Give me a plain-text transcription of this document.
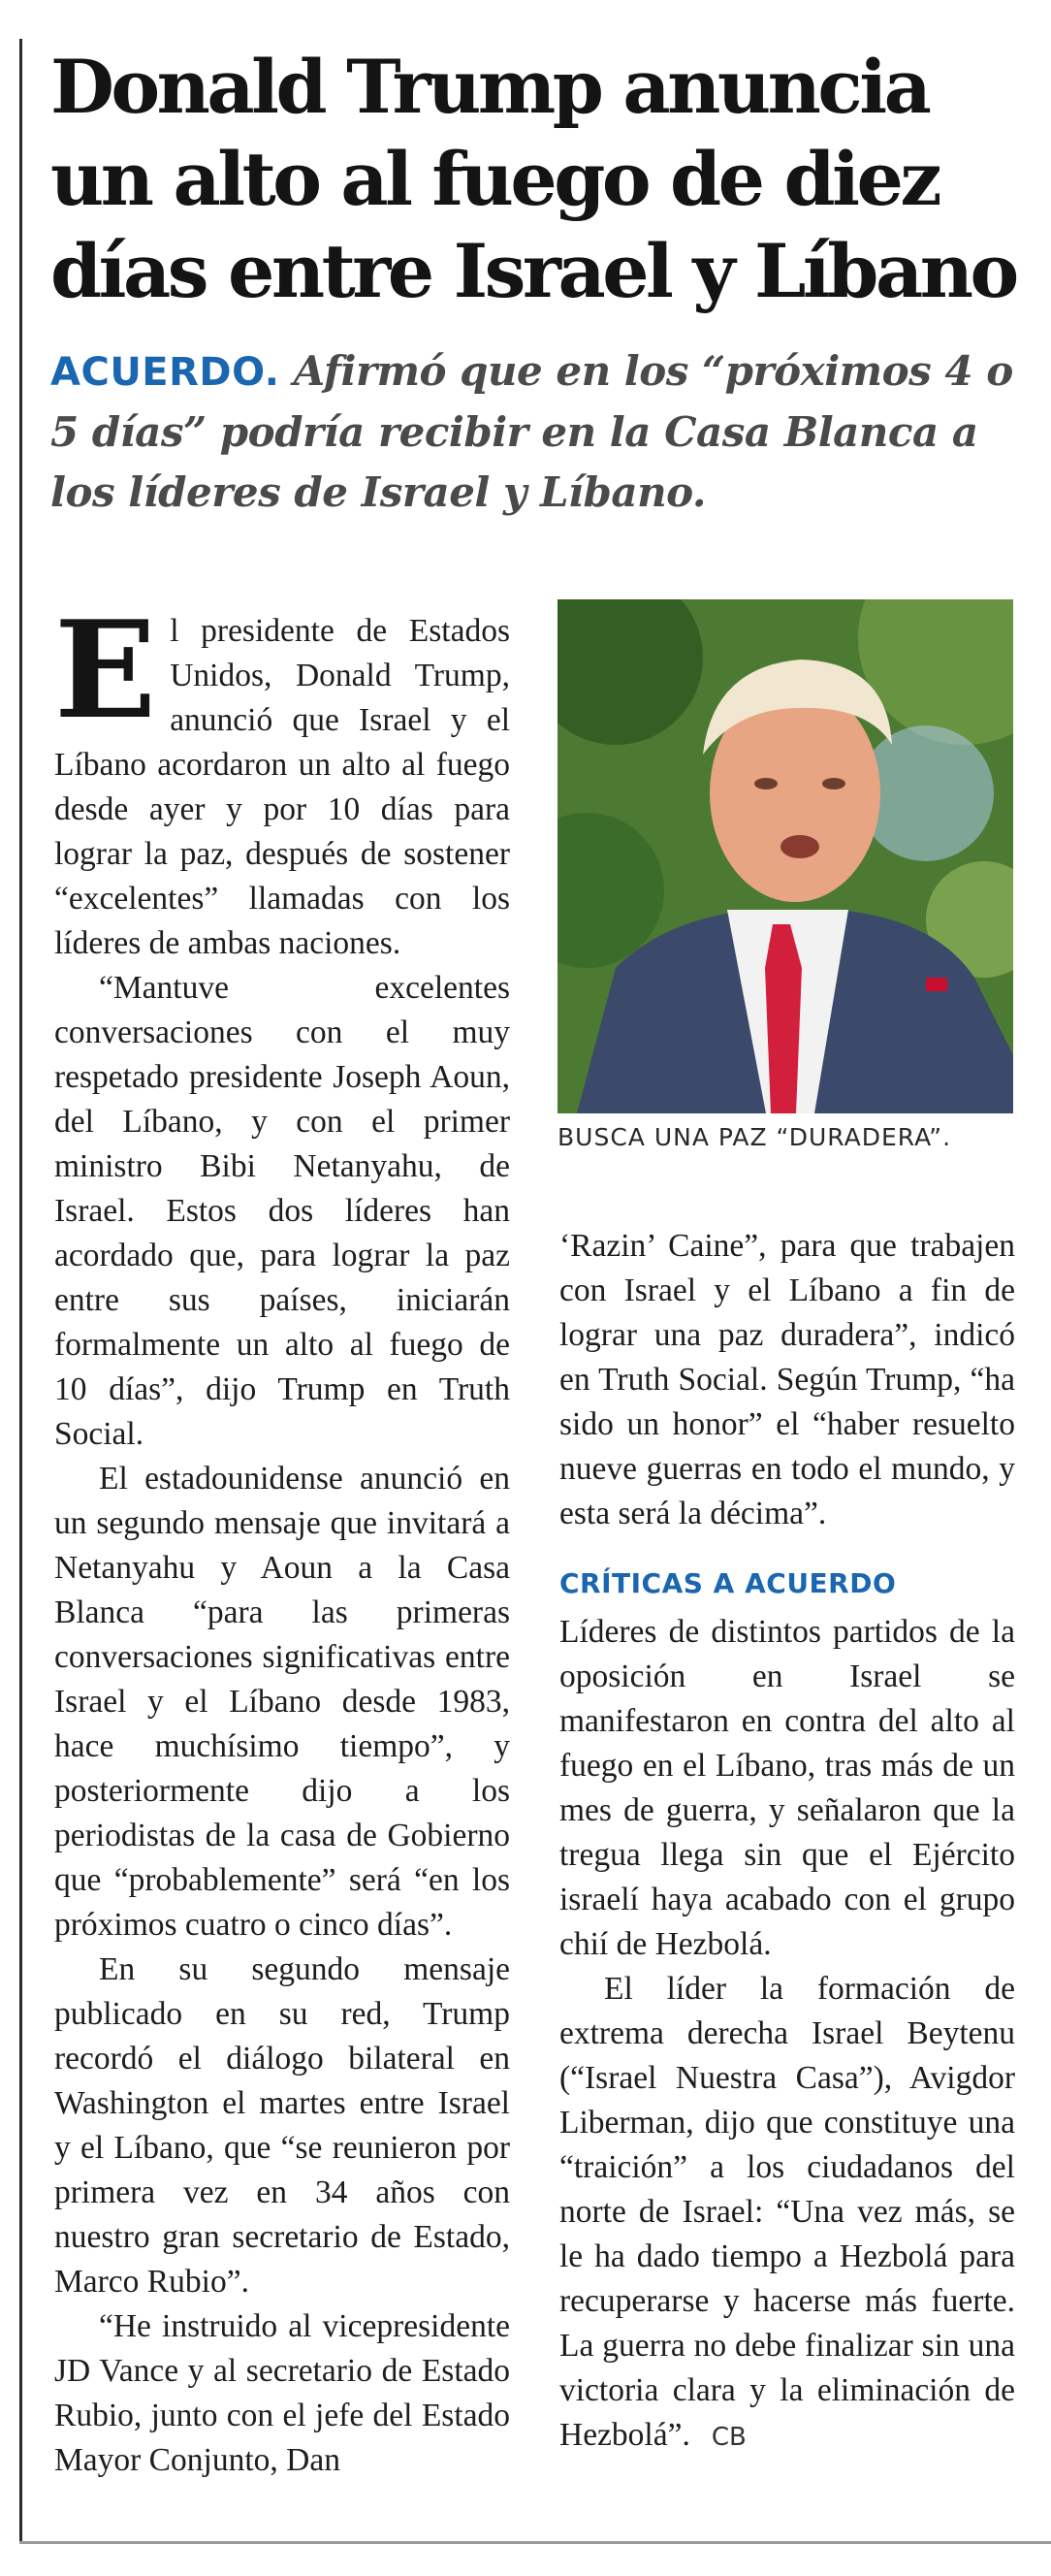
Donald Trump anuncia un alto al fuego de diez días entre Israel y Líbano
ACUERDO. Afirmó que en los “próximos 4 o 5 días” podría recibir en la Casa Blanca a los líderes de Israel y Líbano.

El presidente de Estados Unidos, Donald Trump, anunció que Israel y el Líbano acordaron un alto al fuego desde ayer y por 10 días para lograr la paz, después de sostener “excelentes” llamadas con los líderes de ambas naciones.

“Mantuve excelentes conversaciones con el muy respetado presidente Joseph Aoun, del Líbano, y con el primer ministro Bibi Netanyahu, de Israel. Estos dos líderes han acordado que, para lograr la paz entre sus países, iniciarán formalmente un alto al fuego de 10 días”, dijo Trump en Truth Social.

El estadounidense anunció en un segundo mensaje que invitará a Netanyahu y Aoun a la Casa Blanca “para las primeras conversaciones significativas entre Israel y el Líbano desde 1983, hace muchísimo tiempo”, y posteriormente dijo a los periodistas de la casa de Gobierno que “probablemente” será “en los próximos cuatro o cinco días”.

En su segundo mensaje publicado en su red, Trump recordó el diálogo bilateral en Washington el martes entre Israel y el Líbano, que “se reunieron por primera vez en 34 años con nuestro gran secretario de Estado, Marco Rubio”.

“He instruido al vicepresidente JD Vance y al secretario de Estado Rubio, junto con el jefe del Estado Mayor Conjunto, Dan

BUSCA UNA PAZ “DURADERA”.

‘Razin’ Caine”, para que trabajen con Israel y el Líbano a fin de lograr una paz duradera”, indicó en Truth Social. Según Trump, “ha sido un honor” el “haber resuelto nueve guerras en todo el mundo, y esta será la décima”.

CRÍTICAS A ACUERDO

Líderes de distintos partidos de la oposición en Israel se manifestaron en contra del alto al fuego en el Líbano, tras más de un mes de guerra, y señalaron que la tregua llega sin que el Ejército israelí haya acabado con el grupo chií de Hezbolá.

El líder la formación de extrema derecha Israel Beytenu (“Israel Nuestra Casa”), Avigdor Liberman, dijo que constituye una “traición” a los ciudadanos del norte de Israel: “Una vez más, se le ha dado tiempo a Hezbolá para recuperarse y hacerse más fuerte. La guerra no debe finalizar sin una victoria clara y la eliminación de Hezbolá”. CB
